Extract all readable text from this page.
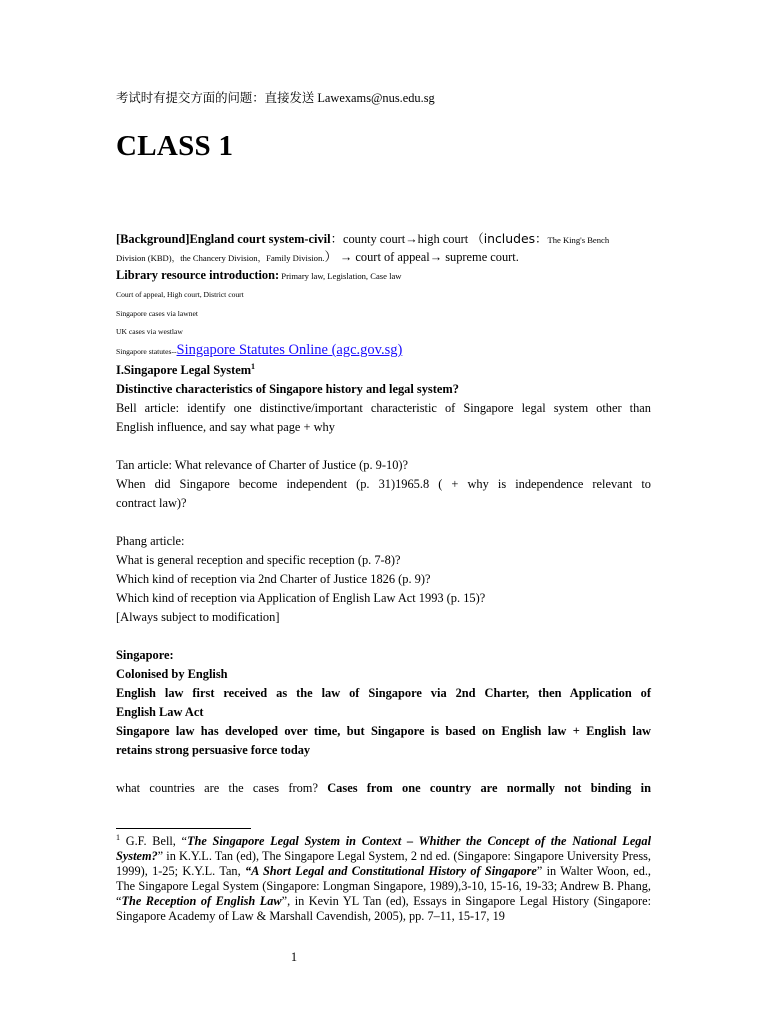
考试时有提交方面的问题：直接发送 Lawexams@nus.edu.sg
CLASS 1
[Background]England court system-civil：county court→high court （includes：The King's Bench
Division (KBD)，the Chancery Division，Family Division.） → court of appeal→ supreme court.
Library resource introduction: Primary law, Legislation, Case law
Court of appeal, High court, District court
Singapore cases via lawnet
UK cases via westlaw
Singapore statutes--Singapore Statutes Online (agc.gov.sg)
I.Singapore Legal System$^1$
Distinctive characteristics of Singapore history and legal system?
Bell article: identify one distinctive/important characteristic of Singapore legal system other than
English influence, and say what page + why
Tan article: What relevance of Charter of Justice (p. 9-10)?
When did Singapore become independent (p. 31)1965.8 ( + why is independence relevant to
contract law)?
Phang article:
What is general reception and specific reception (p. 7-8)?
Which kind of reception via 2nd Charter of Justice 1826 (p. 9)?
Which kind of reception via Application of English Law Act 1993 (p. 15)?
[Always subject to modification]
Singapore:
Colonised by English
English law first received as the law of Singapore via 2nd Charter, then Application of
English Law Act
Singapore law has developed over time, but Singapore is based on English law + English law
retains strong persuasive force today
what countries are the cases from? Cases from one country are normally not binding in
$^1$ G.F. Bell, “The Singapore Legal System in Context – Whither the Concept of the National Legal System?” in K.Y.L. Tan (ed), The Singapore Legal System, 2 nd ed. (Singapore: Singapore University Press, 1999), 1-25; K.Y.L. Tan, “A Short Legal and Constitutional History of Singapore” in Walter Woon, ed., The Singapore Legal System (Singapore: Longman Singapore, 1989),3-10, 15-16, 19-33; Andrew B. Phang, “The Reception of English Law”, in Kevin YL Tan (ed), Essays in Singapore Legal History (Singapore: Singapore Academy of Law & Marshall Cavendish, 2005), pp. 7–11, 15-17, 19
1
